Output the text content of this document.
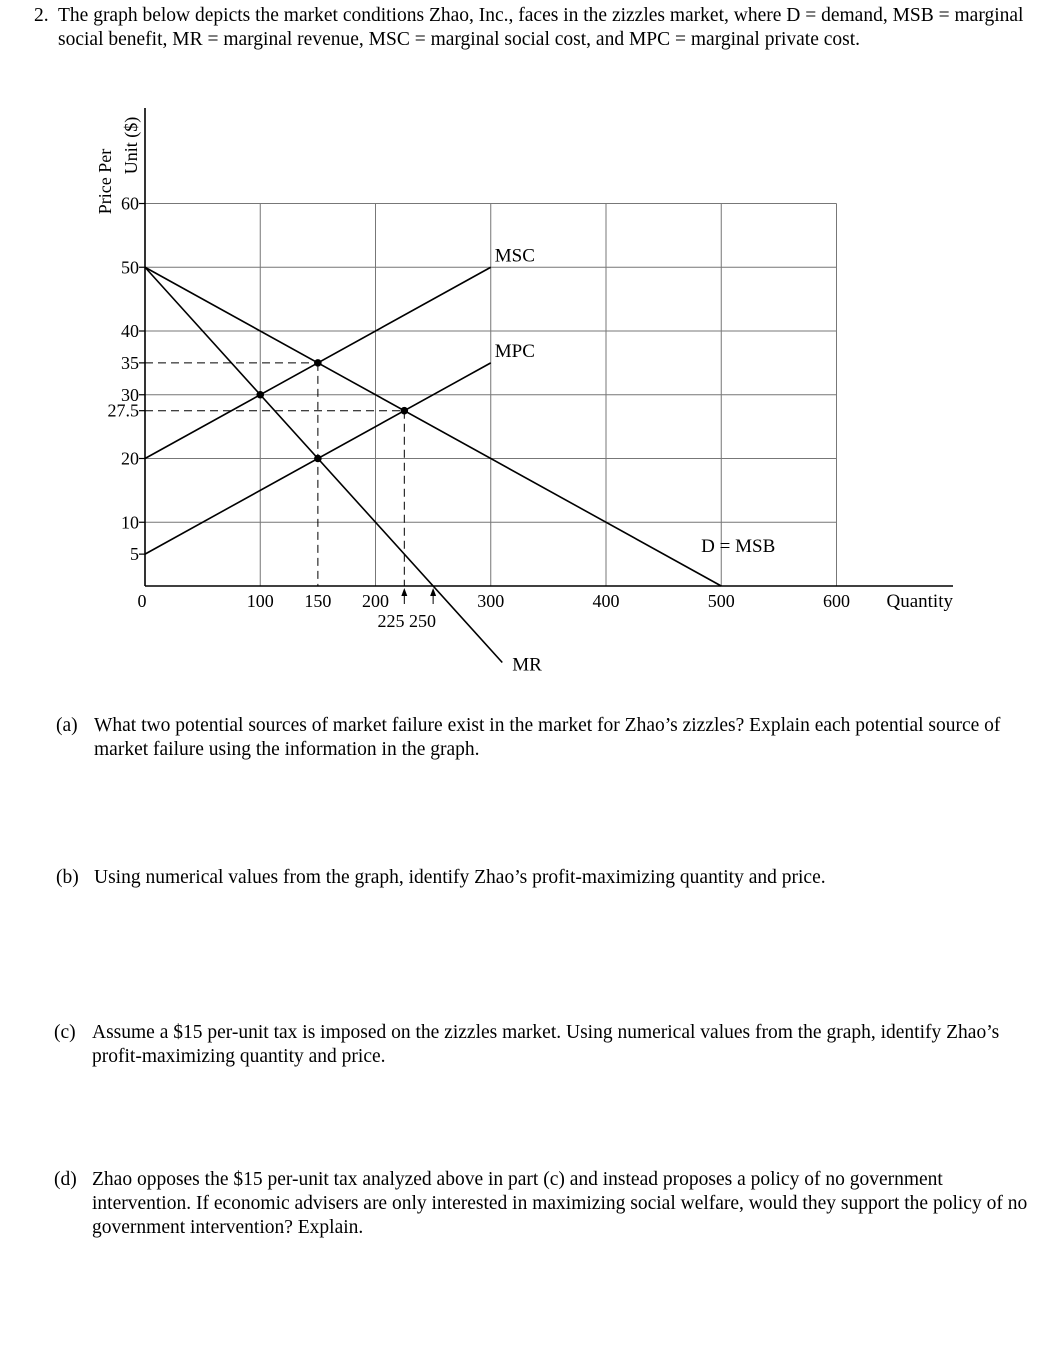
2. The graph below depicts the market conditions Zhao, Inc., faces in the zizzles market, where D = demand, MSB = marginal social benefit, MR = marginal revenue, MSC = marginal social cost, and MPC = marginal private cost.

5
10
20
27.5
30
35
40
50
60
0	100 150 200	300	400	500	600
225 250
Price Per
Unit ($)
Quantity
MSC
MPC
D = MSB
MR

(a) What two potential sources of market failure exist in the market for Zhao’s zizzles? Explain each potential source of market failure using the information in the graph.

(b) Using numerical values from the graph, identify Zhao’s profit-maximizing quantity and price.

(c) Assume a $15 per-unit tax is imposed on the zizzles market. Using numerical values from the graph, identify Zhao’s profit-maximizing quantity and price.

(d) Zhao opposes the $15 per-unit tax analyzed above in part (c) and instead proposes a policy of no government intervention. If economic advisers are only interested in maximizing social welfare, would they support the policy of no government intervention? Explain.
